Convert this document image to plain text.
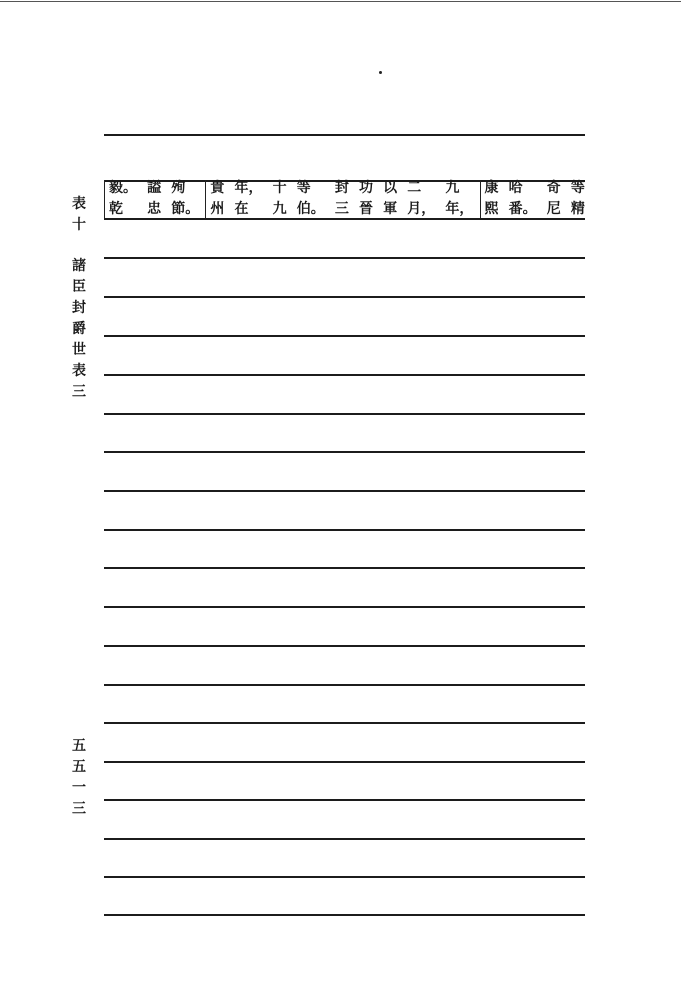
表
十
諸
臣
封
爵
世
表
三
五
五
一
三
等
精
奇
尼
哈
番。
康
熙
九
年，
二
月，
以
軍
功
晉
封
三
等
伯。
十
九
年，
在
貴
州
殉
節。
謚
忠
毅。
乾
